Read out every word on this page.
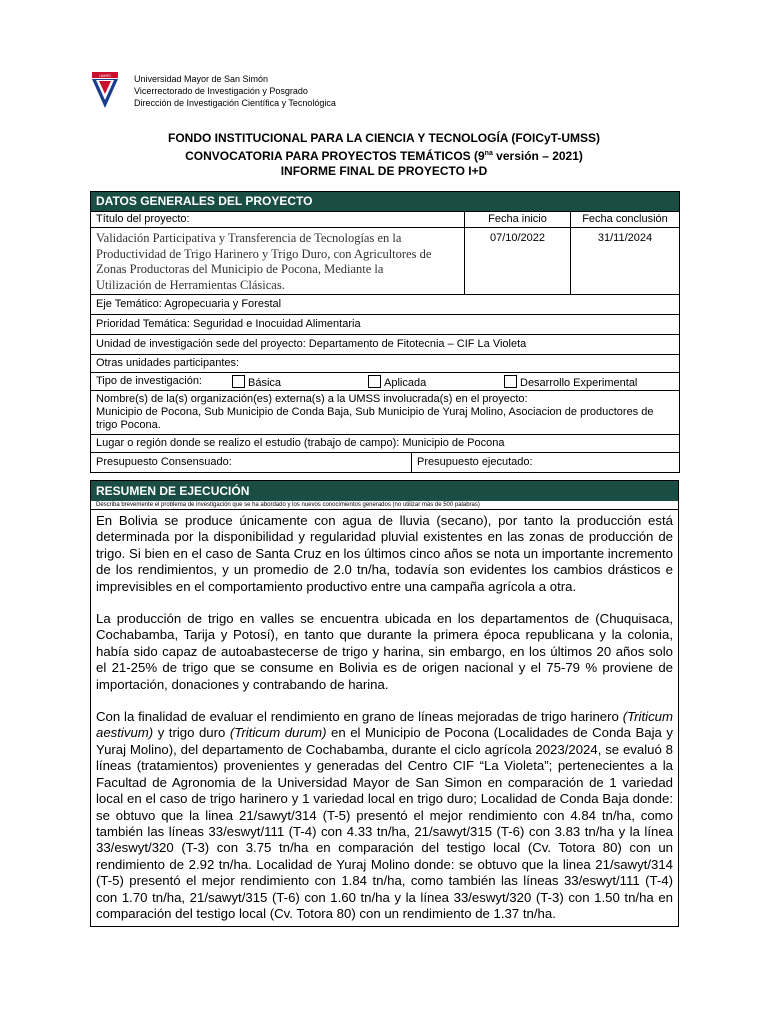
UMSS	Universidad Mayor de San Simón
Vicerrectorado de Investigación y Posgrado
Dirección de Investigación Científica y Tecnológica
FONDO INSTITUCIONAL PARA LA CIENCIA Y TECNOLOGÍA (FOICyT-UMSS)
CONVOCATORIA PARA PROYECTOS TEMÁTICOS ($9^{na}$ versión – 2021)
INFORME FINAL DE PROYECTO I+D
DATOS GENERALES DEL PROYECTO		
Título del proyecto:	Fecha inicio	Fecha conclusión

Validación Participativa y Transferencia de Tecnologías en la
Productividad de Trigo Harinero y Trigo Duro, con Agricultores de
Zonas Productoras del Municipio de Pocona, Mediante la
Utilización de Herramientas Clásicas.	07/10/2022	31/11/2024
Eje Temático: Agropecuaria y Forestal		
Prioridad Temática: Seguridad e Inocuidad Alimentaria		
Unidad de investigación sede del proyecto: Departamento de Fitotecnia – CIF La Violeta		
Otras unidades participantes:		
Tipo de investigación: Básica Aplicada Desarrollo Experimental		

Nombre(s) de la(s) organización(es) externa(s) a la UMSS involucrada(s) en el proyecto:
Municipio de Pocona, Sub Municipio de Conda Baja, Sub Municipio de Yuraj Molino, Asociacion de productores de trigo Pocona.		

Lugar o región donde se realizo el estudio (trabajo de campo): Municipio de Pocona		

Presupuesto Consensuado: Presupuesto ejecutado:		
RESUMEN DE EJECUCIÓN
Describa brevemente el problema de investigación que se ha abordado y los nuevos conocimientos generados (no utilizar más de 500 palabras)

En Bolivia se produce únicamente con agua de lluvia (secano), por tanto la producción está determinada por la disponibilidad y regularidad pluvial existentes en las zonas de producción de trigo. Si bien en el caso de Santa Cruz en los últimos cinco años se nota un importante incremento de los rendimientos, y un promedio de 2.0 tn/ha, todavía son evidentes los cambios drásticos e imprevisibles en el comportamiento productivo entre una campaña agrícola a otra.

La producción de trigo en valles se encuentra ubicada en los departamentos de (Chuquisaca, Cochabamba, Tarija y Potosí), en tanto que durante la primera época republicana y la colonia, había sido capaz de autoabastecerse de trigo y harina, sin embargo, en los últimos 20 años solo el 21-25% de trigo que se consume en Bolivia es de origen nacional y el 75-79 % proviene de importación, donaciones y contrabando de harina.

Con la finalidad de evaluar el rendimiento en grano de líneas mejoradas de trigo harinero (Triticum aestivum) y trigo duro (Triticum durum) en el Municipio de Pocona (Localidades de Conda Baja y Yuraj Molino), del departamento de Cochabamba, durante el ciclo agrícola 2023/2024, se evaluó 8 líneas (tratamientos) provenientes y generadas del Centro CIF “La Violeta”; pertenecientes a la Facultad de Agronomia de la Universidad Mayor de San Simon en comparación de 1 variedad local en el caso de trigo harinero y 1 variedad local en trigo duro; Localidad de Conda Baja donde: se obtuvo que la linea 21/sawyt/314 (T-5) presentó el mejor rendimiento con 4.84 tn/ha, como también las líneas 33/eswyt/111 (T-4) con 4.33 tn/ha, 21/sawyt/315 (T-6) con 3.83 tn/ha y la línea 33/eswyt/320 (T-3) con 3.75 tn/ha en comparación del testigo local (Cv. Totora 80) con un rendimiento de 2.92 tn/ha. Localidad de Yuraj Molino donde: se obtuvo que la linea 21/sawyt/314 (T-5) presentó el mejor rendimiento con 1.84 tn/ha, como también las líneas 33/eswyt/111 (T-4) con 1.70 tn/ha, 21/sawyt/315 (T-6) con 1.60 tn/ha y la línea 33/eswyt/320 (T-3) con 1.50 tn/ha en comparación del testigo local (Cv. Totora 80) con un rendimiento de 1.37 tn/ha.
